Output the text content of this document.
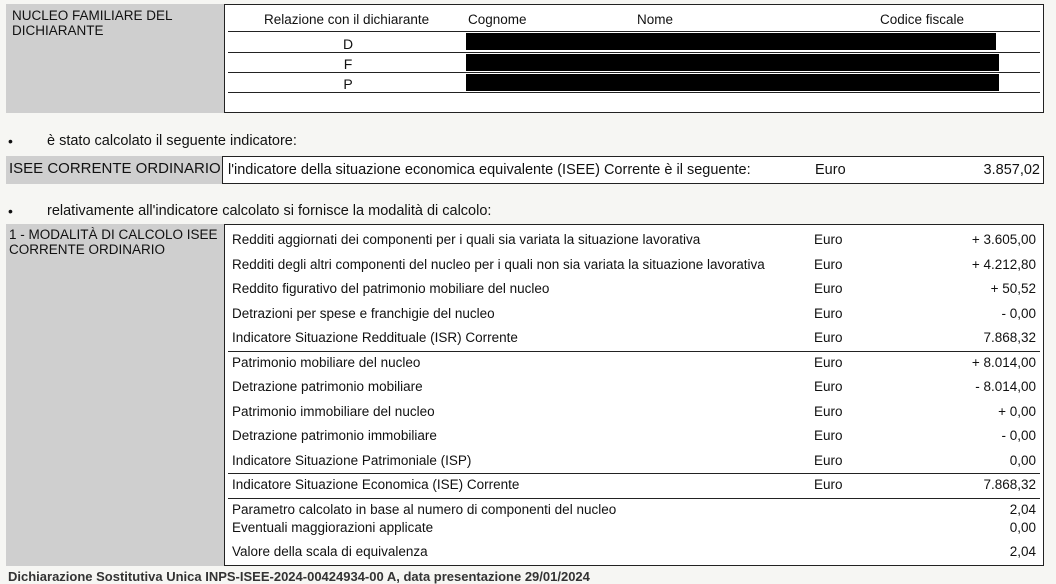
NUCLEO FAMILIARE DEL DICHIARANTE
Relazione con il dichiarante	Cognome	Nome	Codice fiscale
D
F
P
• è stato calcolato il seguente indicatore:
ISEE CORRENTE ORDINARIO l'indicatore della situazione economica equivalente (ISEE) Corrente è il seguente:	Euro	3.857,02
• relativamente all'indicatore calcolato si fornisce la modalità di calcolo:
1 - MODALITÀ DI CALCOLO ISEE CORRENTE ORDINARIO
Redditi aggiornati dei componenti per i quali sia variata la situazione lavorativa	Euro	+ 3.605,00
Redditi degli altri componenti del nucleo per i quali non sia variata la situazione lavorativa	Euro	+ 4.212,80
Reddito figurativo del patrimonio mobiliare del nucleo	Euro	+ 50,52
Detrazioni per spese e franchigie del nucleo	Euro	- 0,00
Indicatore Situazione Reddituale (ISR) Corrente	Euro	7.868,32
Patrimonio mobiliare del nucleo	Euro	+ 8.014,00
Detrazione patrimonio mobiliare	Euro	- 8.014,00
Patrimonio immobiliare del nucleo	Euro	+ 0,00
Detrazione patrimonio immobiliare	Euro	- 0,00
Indicatore Situazione Patrimoniale (ISP)	Euro	0,00
Indicatore Situazione Economica (ISE) Corrente	Euro	7.868,32
Parametro calcolato in base al numero di componenti del nucleo	2,04
Eventuali maggiorazioni applicate	0,00
Valore della scala di equivalenza	2,04
Dichiarazione Sostitutiva Unica INPS-ISEE-2024-00424934-00 A, data presentazione 29/01/2024
